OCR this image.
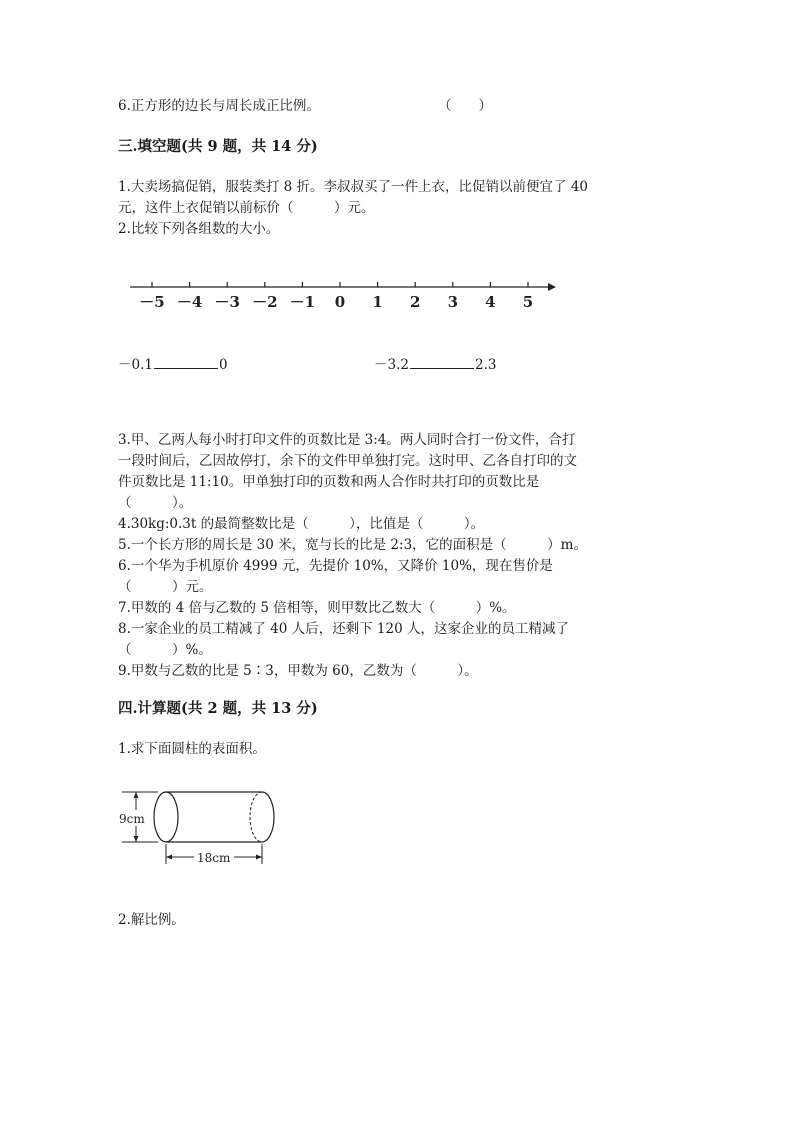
6.正方形的边长与周长成正比例。	（　　）
三.填空题(共 9 题，共 14 分)
1.大卖场搞促销，服装类打 8 折。李叔叔买了一件上衣，比促销以前便宜了 40
元，这件上衣促销以前标价（　　　）元。
2.比较下列各组数的大小。
－5 －4 －3 －2 －1 0 1 2 3 4 5
－0.1	0	－3.2	2.3
3.甲、乙两人每小时打印文件的页数比是 3:4。两人同时合打一份文件，合打
一段时间后，乙因故停打，余下的文件甲单独打完。这时甲、乙各自打印的文
件页数比是 11:10。甲单独打印的页数和两人合作时共打印的页数比是
（　　　）。
4.30kg:0.3t 的最简整数比是（　　　），比值是（　　　）。
5.一个长方形的周长是 30 米，宽与长的比是 2:3，它的面积是（　　　）m。
6.一个华为手机原价 4999 元，先提价 10%，又降价 10%，现在售价是
（　　　）元。
7.甲数的 4 倍与乙数的 5 倍相等，则甲数比乙数大（　　　）%。
8.一家企业的员工精减了 40 人后，还剩下 120 人，这家企业的员工精减了
（　　　）%。
9.甲数与乙数的比是 5∶3，甲数为 60，乙数为（　　　）。
四.计算题(共 2 题，共 13 分)
1.求下面圆柱的表面积。
9cm
18cm
2.解比例。
